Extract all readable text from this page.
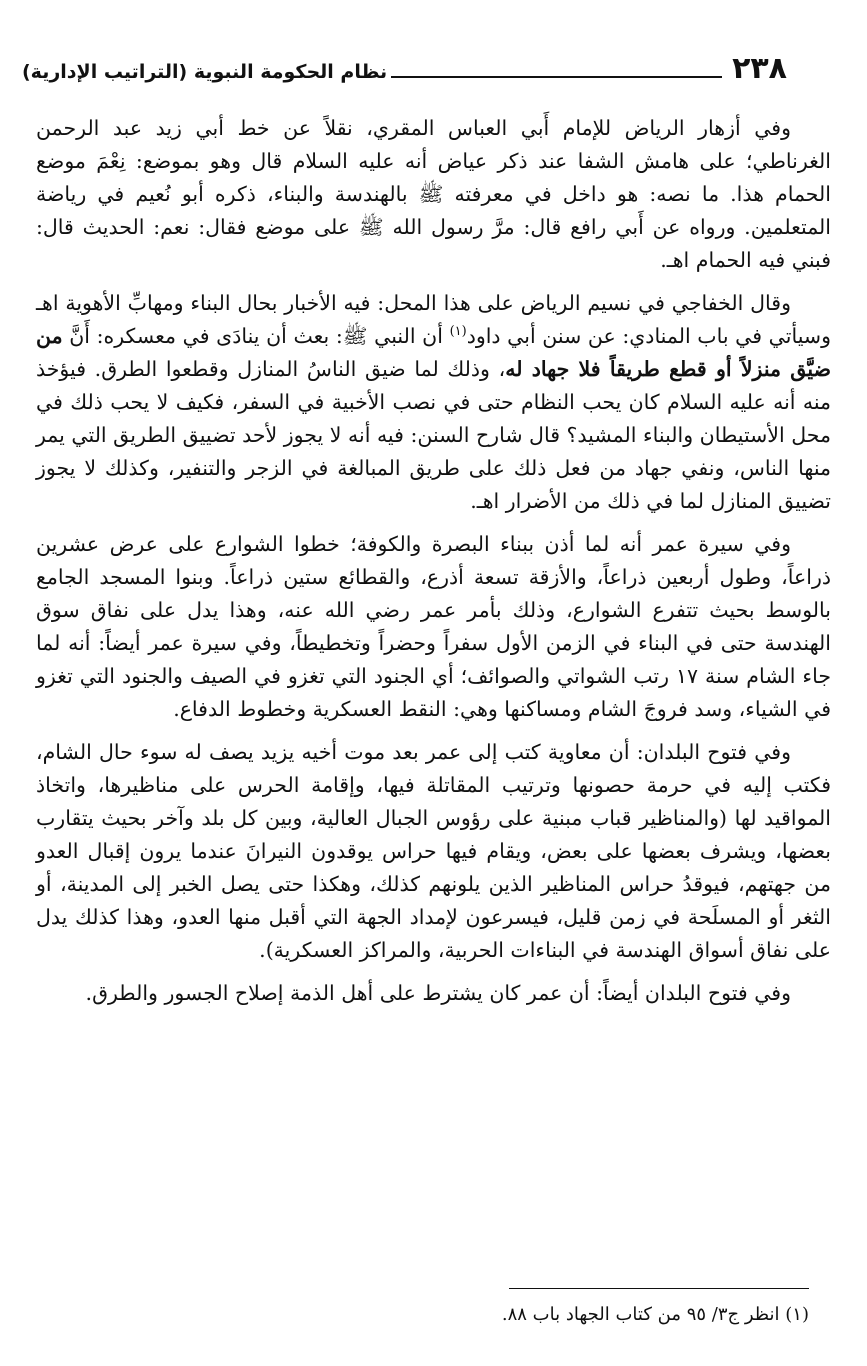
٢٣٨
نظام الحكومة النبوية (التراتيب الإدارية)

وفي أزهار الرياض للإمام أَبي العباس المقري، نقلاً عن خط أبي زيد عبد الرحمن الغرناطي؛ على هامش الشفا عند ذكر عياض أنه عليه السلام قال وهو بموضع: نِعْمَ موضع الحمام هذا. ما نصه: هو داخل في معرفته ﷺ بالهندسة والبناء، ذكره أبو نُعيم في رياضة المتعلمين. ورواه عن أَبي رافع قال: مرَّ رسول الله ﷺ على موضع فقال: نعم: الحديث قال: فبني فيه الحمام اهـ.

وقال الخفاجي في نسيم الرياض على هذا المحل: فيه الأخبار بحال البناء ومهابِّ الأهوية اهـ وسيأتي في باب المنادي: عن سنن أبي داود$^{(١)}$ أن النبي ﷺ: بعث أن ينادَى في معسكره: أَنَّ من ضيَّق منزلاً أو قطع طريقاً فلا جهاد له، وذلك لما ضيق الناسُ المنازل وقطعوا الطرق. فيؤخذ منه أنه عليه السلام كان يحب النظام حتى في نصب الأخبية في السفر، فكيف لا يحب ذلك في محل الأستيطان والبناء المشيد؟ قال شارح السنن: فيه أنه لا يجوز لأحد تضييق الطريق التي يمر منها الناس، ونفي جهاد من فعل ذلك على طريق المبالغة في الزجر والتنفير، وكذلك لا يجوز تضييق المنازل لما في ذلك من الأضرار اهـ.

وفي سيرة عمر أنه لما أذن ببناء البصرة والكوفة؛ خطوا الشوارع على عرض عشرين ذراعاً، وطول أربعين ذراعاً، والأزقة تسعة أذرع، والقطائع ستين ذراعاً. وبنوا المسجد الجامع بالوسط بحيث تتفرع الشوارع، وذلك بأمر عمر رضي الله عنه، وهذا يدل على نفاق سوق الهندسة حتى في البناء في الزمن الأول سفراً وحضراً وتخطيطاً، وفي سيرة عمر أيضاً: أنه لما جاء الشام سنة ١٧ رتب الشواتي والصوائف؛ أي الجنود التي تغزو في الصيف والجنود التي تغزو في الشياء، وسد فروجَ الشام ومساكنها وهي: النقط العسكرية وخطوط الدفاع.

وفي فتوح البلدان: أن معاوية كتب إلى عمر بعد موت أخيه يزيد يصف له سوء حال الشام، فكتب إليه في حرمة حصونها وترتيب المقاتلة فيها، وإقامة الحرس على مناظيرها، واتخاذ المواقيد لها (والمناظير قباب مبنية على رؤوس الجبال العالية، وبين كل بلد وآخر بحيث يتقارب بعضها، ويشرف بعضها على بعض، ويقام فيها حراس يوقدون النيرانَ عندما يرون إقبال العدو من جهتهم، فيوقدُ حراس المناظير الذين يلونهم كذلك، وهكذا حتى يصل الخبر إلى المدينة، أو الثغر أو المسلَحة في زمن قليل، فيسرعون لإمداد الجهة التي أقبل منها العدو، وهذا كذلك يدل على نفاق أسواق الهندسة في البناءات الحربية، والمراكز العسكرية).

وفي فتوح البلدان أيضاً: أن عمر كان يشترط على أهل الذمة إصلاح الجسور والطرق.

(١) انظر ج٣/ ٩٥ من كتاب الجهاد باب ٨٨.
